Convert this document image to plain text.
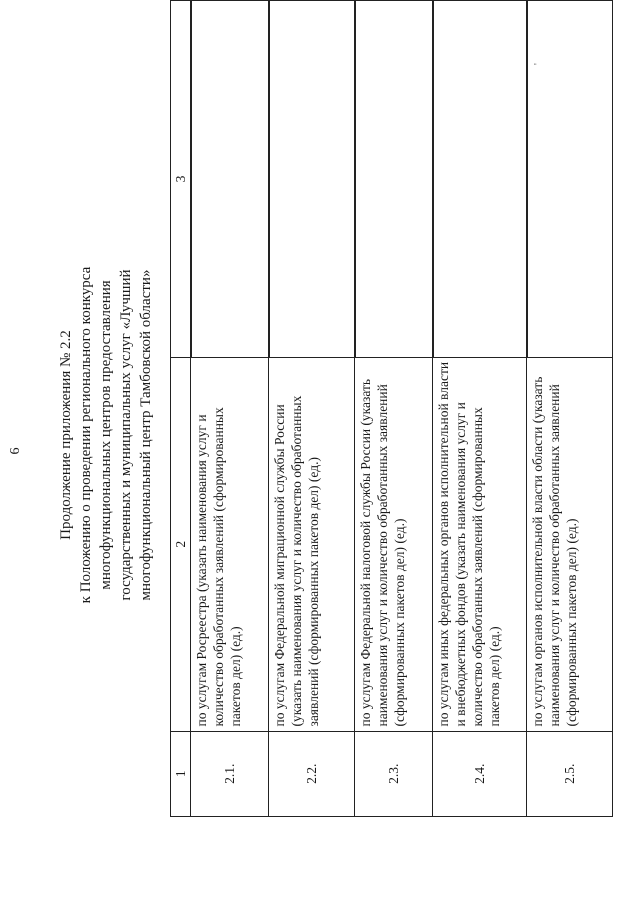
6 Продолжение приложения № 2.2 к Положению о проведении регионального конкурса многофункциональных центров предоставления государственных и муниципальных услуг «Лучший многофункциональный центр Тамбовской области»
'
1	2	3
2.1.	по услугам Росреестра (указать наименования услуг и количество обработанных заявлений (сформированных пакетов дел) (ед.)	

2.2.	по услугам Федеральной миграционной службы России (указать наименования услуг и количество обработанных заявлений (сформированных пакетов дел) (ед.)	

2.3.	по услугам Федеральной налоговой службы России (указать наименования услуг и количество обработанных заявлений (сформированных пакетов дел) (ед.)	

2.4.	по услугам иных федеральных органов исполнительной власти и внебюджетных фондов (указать наименования услуг и количество обработанных заявлений (сформированных пакетов дел) (ед.)	

2.5.	по услугам органов исполнительной власти области (указать наименования услуг и количество обработанных заявлений (сформированных пакетов дел) (ед.)	
